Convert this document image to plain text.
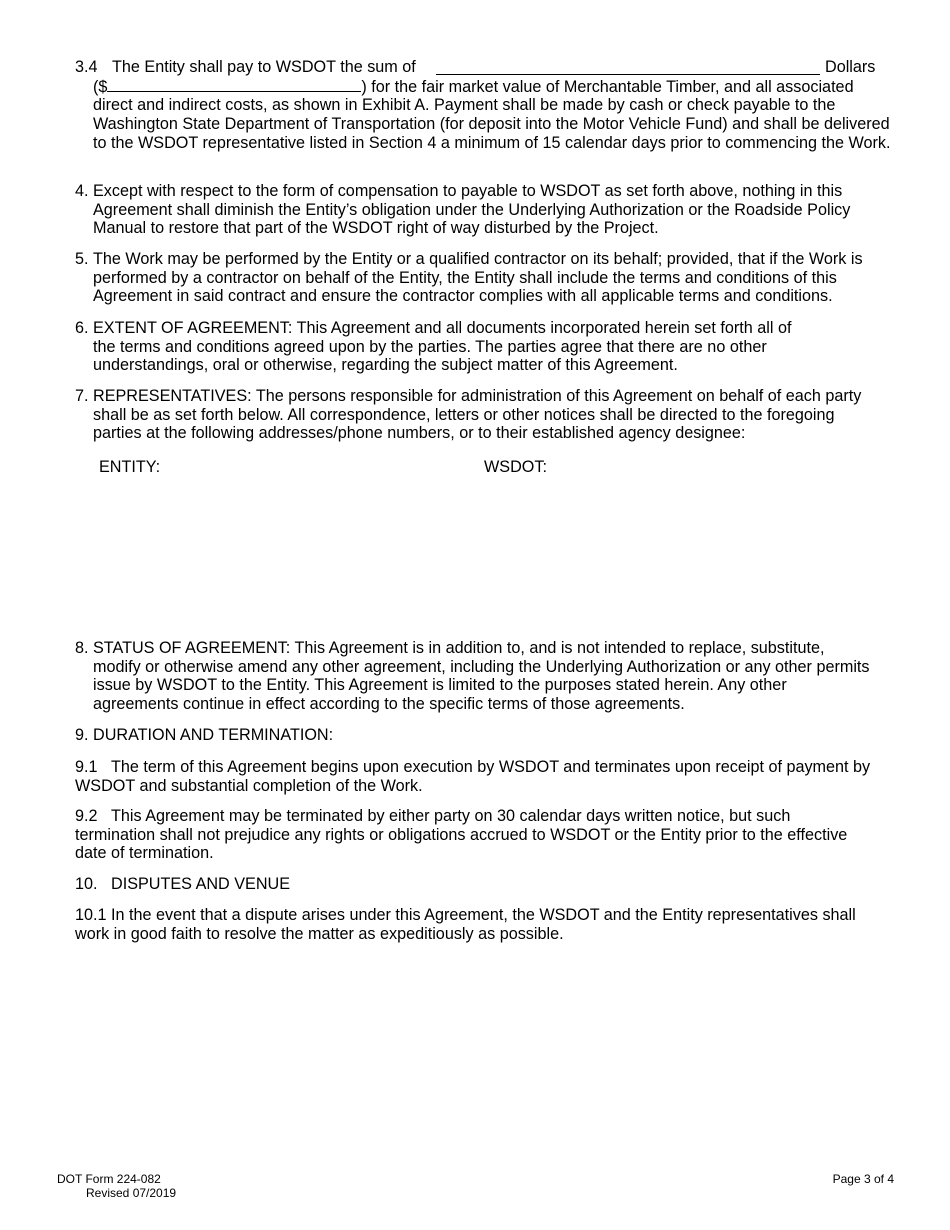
3.4 The Entity shall pay to WSDOT the sum of	Dollars
($	) for the fair market value of Merchantable Timber, and all associated direct and indirect costs, as shown in Exhibit A. Payment shall be made by cash or check payable to the Washington State Department of Transportation (for deposit into the Motor Vehicle Fund) and shall be delivered to the WSDOT representative listed in Section 4 a minimum of 15 calendar days prior to commencing the Work.
4. Except with respect to the form of compensation to payable to WSDOT as set forth above, nothing in this Agreement shall diminish the Entity’s obligation under the Underlying Authorization or the Roadside Policy Manual to restore that part of the WSDOT right of way disturbed by the Project.
5. The Work may be performed by the Entity or a qualified contractor on its behalf; provided, that if the Work is performed by a contractor on behalf of the Entity, the Entity shall include the terms and conditions of this Agreement in said contract and ensure the contractor complies with all applicable terms and conditions.
6. EXTENT OF AGREEMENT: This Agreement and all documents incorporated herein set forth all of the terms and conditions agreed upon by the parties. The parties agree that there are no other understandings, oral or otherwise, regarding the subject matter of this Agreement.
7. REPRESENTATIVES: The persons responsible for administration of this Agreement on behalf of each party shall be as set forth below. All correspondence, letters or other notices shall be directed to the foregoing parties at the following addresses/phone numbers, or to their established agency designee:
ENTITY:	WSDOT:
8. STATUS OF AGREEMENT: This Agreement is in addition to, and is not intended to replace, substitute, modify or otherwise amend any other agreement, including the Underlying Authorization or any other permits issue by WSDOT to the Entity. This Agreement is limited to the purposes stated herein. Any other agreements continue in effect according to the specific terms of those agreements.
9. DURATION AND TERMINATION:
9.1 The term of this Agreement begins upon execution by WSDOT and terminates upon receipt of payment by WSDOT and substantial completion of the Work.
9.2 This Agreement may be terminated by either party on 30 calendar days written notice, but such termination shall not prejudice any rights or obligations accrued to WSDOT or the Entity prior to the effective date of termination.
10. DISPUTES AND VENUE
10.1 In the event that a dispute arises under this Agreement, the WSDOT and the Entity representatives shall work in good faith to resolve the matter as expeditiously as possible.
DOT Form 224-082
Revised 07/2019
Page 3 of 4
